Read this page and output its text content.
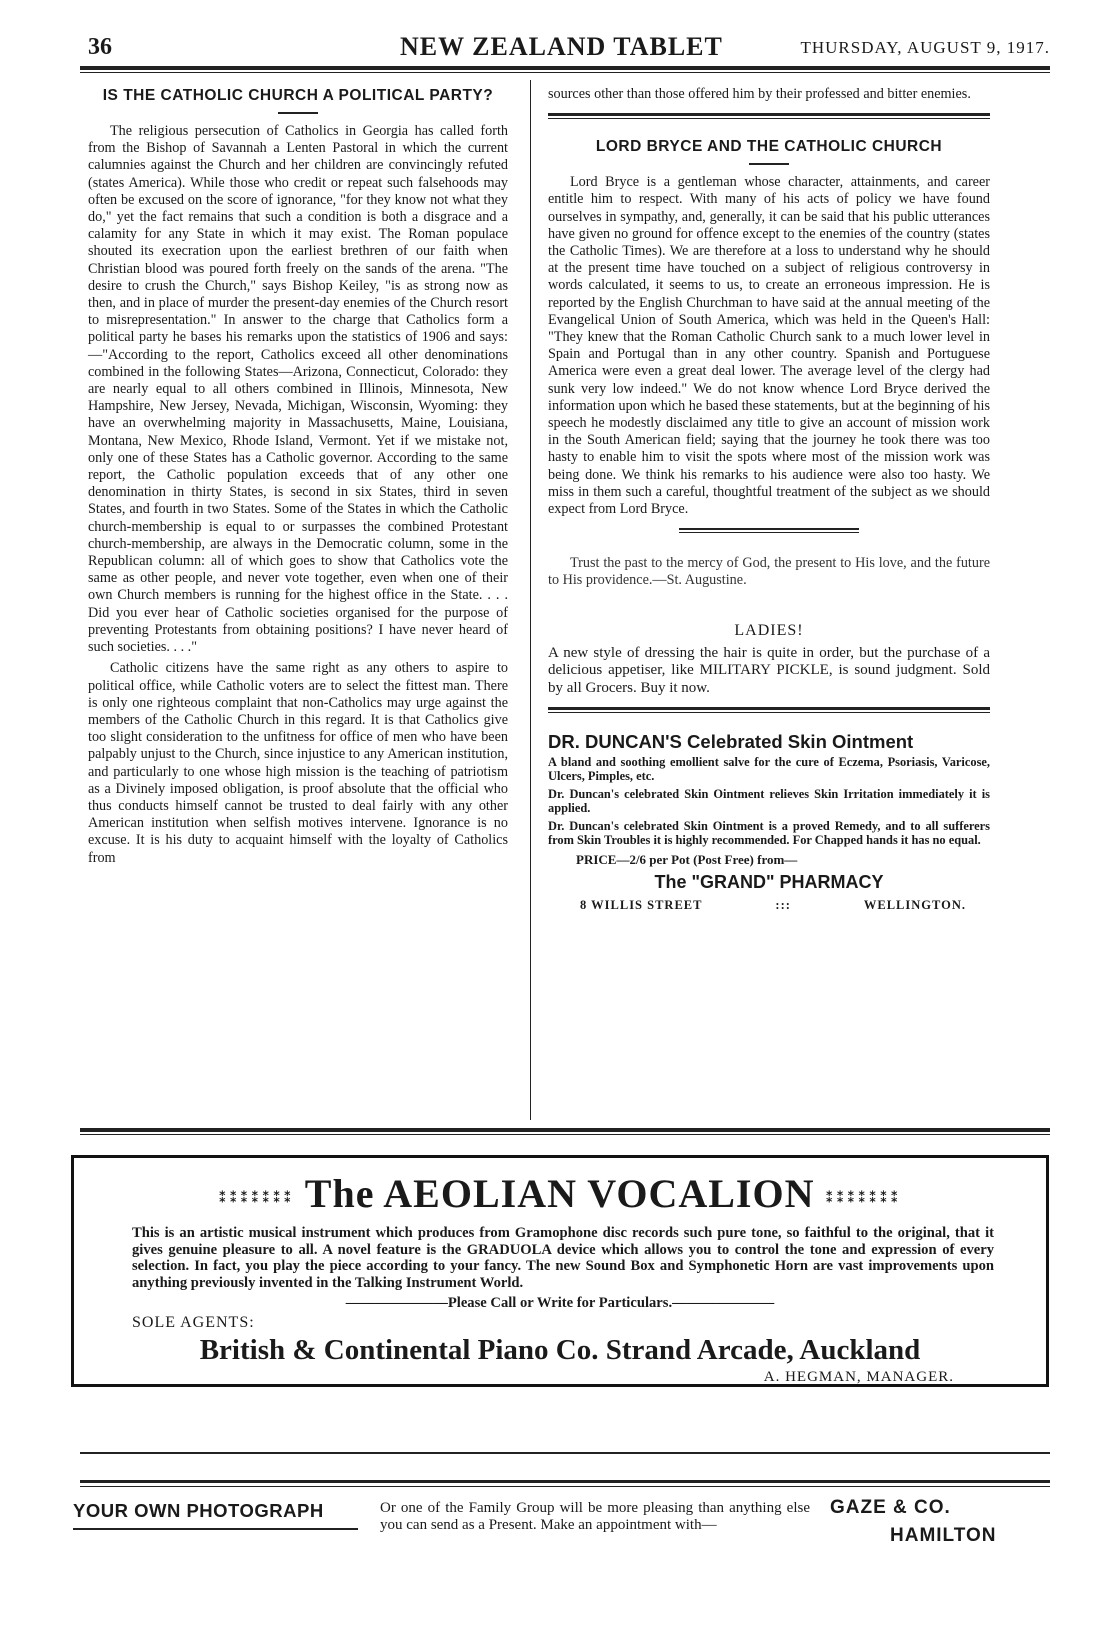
36	NEW ZEALAND TABLET	THURSDAY, AUGUST 9, 1917.
IS THE CATHOLIC CHURCH A POLITICAL PARTY?

The religious persecution of Catholics in Georgia has called forth from the Bishop of Savannah a Lenten Pastoral in which the current calumnies against the Church and her children are convincingly refuted (states America). While those who credit or repeat such falsehoods may often be excused on the score of ignorance, "for they know not what they do," yet the fact remains that such a condition is both a disgrace and a calamity for any State in which it may exist. The Roman populace shouted its execration upon the earliest brethren of our faith when Christian blood was poured forth freely on the sands of the arena. "The desire to crush the Church," says Bishop Keiley, "is as strong now as then, and in place of murder the present-day enemies of the Church resort to misrepresentation." In answer to the charge that Catholics form a political party he bases his remarks upon the statistics of 1906 and says:—"According to the report, Catholics exceed all other denominations combined in the following States—Arizona, Connecticut, Colorado: they are nearly equal to all others combined in Illinois, Minnesota, New Hampshire, New Jersey, Nevada, Michigan, Wisconsin, Wyoming: they have an overwhelming majority in Massachusetts, Maine, Louisiana, Montana, New Mexico, Rhode Island, Vermont. Yet if we mistake not, only one of these States has a Catholic governor. According to the same report, the Catholic population exceeds that of any other one denomination in thirty States, is second in six States, third in seven States, and fourth in two States. Some of the States in which the Catholic church-membership is equal to or surpasses the combined Protestant church-membership, are always in the Democratic column, some in the Republican column: all of which goes to show that Catholics vote the same as other people, and never vote together, even when one of their own Church members is running for the highest office in the State. . . . Did you ever hear of Catholic societies organised for the purpose of preventing Protestants from obtaining positions? I have never heard of such societies. . . ."

Catholic citizens have the same right as any others to aspire to political office, while Catholic voters are to select the fittest man. There is only one righteous complaint that non-Catholics may urge against the members of the Catholic Church in this regard. It is that Catholics give too slight consideration to the unfitness for office of men who have been palpably unjust to the Church, since injustice to any American institution, and particularly to one whose high mission is the teaching of patriotism as a Divinely imposed obligation, is proof absolute that the official who thus conducts himself cannot be trusted to deal fairly with any other American institution when selfish motives intervene. Ignorance is no excuse. It is his duty to acquaint himself with the loyalty of Catholics from

sources other than those offered him by their professed and bitter enemies.

LORD BRYCE AND THE CATHOLIC CHURCH

Lord Bryce is a gentleman whose character, attainments, and career entitle him to respect. With many of his acts of policy we have found ourselves in sympathy, and, generally, it can be said that his public utterances have given no ground for offence except to the enemies of the country (states the Catholic Times). We are therefore at a loss to understand why he should at the present time have touched on a subject of religious controversy in words calculated, it seems to us, to create an erroneous impression. He is reported by the English Churchman to have said at the annual meeting of the Evangelical Union of South America, which was held in the Queen's Hall: "They knew that the Roman Catholic Church sank to a much lower level in Spain and Portugal than in any other country. Spanish and Portuguese America were even a great deal lower. The average level of the clergy had sunk very low indeed." We do not know whence Lord Bryce derived the information upon which he based these statements, but at the beginning of his speech he modestly disclaimed any title to give an account of mission work in the South American field; saying that the journey he took there was too hasty to enable him to visit the spots where most of the mission work was being done. We think his remarks to his audience were also too hasty. We miss in them such a careful, thoughtful treatment of the subject as we should expect from Lord Bryce.

Trust the past to the mercy of God, the present to His love, and the future to His providence.—St. Augustine.

LADIES!

A new style of dressing the hair is quite in order, but the purchase of a delicious appetiser, like MILITARY PICKLE, is sound judgment. Sold by all Grocers. Buy it now.

DR. DUNCAN'S Celebrated Skin Ointment

A bland and soothing emollient salve for the cure of Eczema, Psoriasis, Varicose, Ulcers, Pimples, etc.

Dr. Duncan's celebrated Skin Ointment relieves Skin Irritation immediately it is applied.

Dr. Duncan's celebrated Skin Ointment is a proved Remedy, and to all sufferers from Skin Troubles it is highly recommended. For Chapped hands it has no equal.

PRICE—2/6 per Pot (Post Free) from—
The "GRAND" PHARMACY
8 WILLIS STREET	:::	WELLINGTON.
⁑⁑⁑⁑⁑⁑⁑ The AEOLIAN VOCALION ⁑⁑⁑⁑⁑⁑⁑
This is an artistic musical instrument which produces from Gramophone disc records such pure tone, so faithful to the original, that it gives genuine pleasure to all. A novel feature is the GRADUOLA device which allows you to control the tone and expression of every selection. In fact, you play the piece according to your fancy. The new Sound Box and Symphonetic Horn are vast improvements upon anything previously invented in the Talking Instrument World.
———————Please Call or Write for Particulars.———————
SOLE AGENTS:
British & Continental Piano Co. Strand Arcade, Auckland
A. HEGMAN, MANAGER.
YOUR OWN PHOTOGRAPH	Or one of the Family Group will be more pleasing than anything else you can send as a Present. Make an appointment with—
GAZE & CO.
HAMILTON
